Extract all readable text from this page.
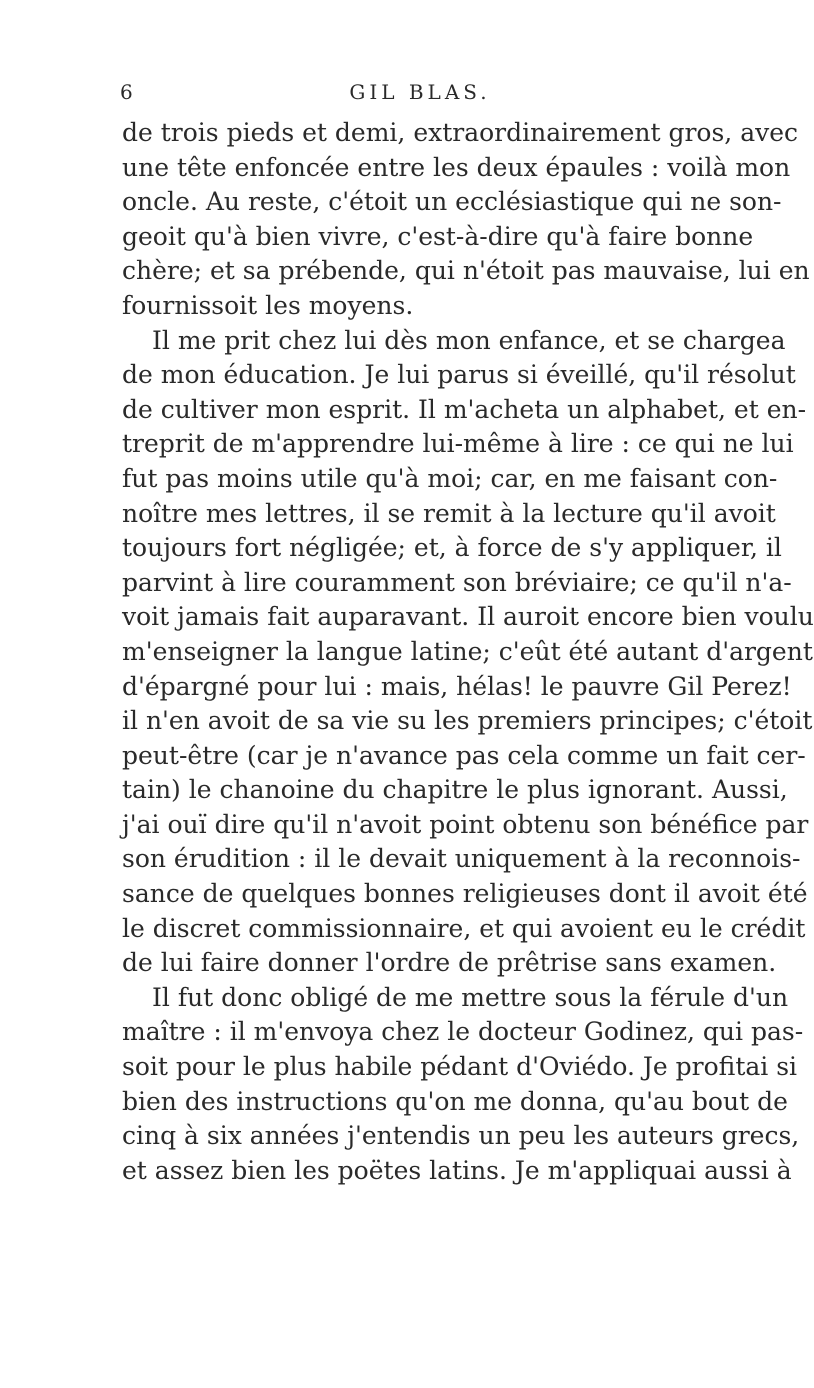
6	GIL BLAS.
de trois pieds et demi, extraordinairement gros, avec
une tête enfoncée entre les deux épaules : voilà mon
oncle. Au reste, c'étoit un ecclésiastique qui ne son-
geoit qu'à bien vivre, c'est-à-dire qu'à faire bonne
chère; et sa prébende, qui n'étoit pas mauvaise, lui en
fournissoit les moyens.
Il me prit chez lui dès mon enfance, et se chargea
de mon éducation. Je lui parus si éveillé, qu'il résolut
de cultiver mon esprit. Il m'acheta un alphabet, et en-
treprit de m'apprendre lui-même à lire : ce qui ne lui
fut pas moins utile qu'à moi; car, en me faisant con-
noître mes lettres, il se remit à la lecture qu'il avoit
toujours fort négligée; et, à force de s'y appliquer, il
parvint à lire couramment son bréviaire; ce qu'il n'a-
voit jamais fait auparavant. Il auroit encore bien voulu
m'enseigner la langue latine; c'eût été autant d'argent
d'épargné pour lui : mais, hélas! le pauvre Gil Perez!
il n'en avoit de sa vie su les premiers principes; c'étoit
peut-être (car je n'avance pas cela comme un fait cer-
tain) le chanoine du chapitre le plus ignorant. Aussi,
j'ai ouï dire qu'il n'avoit point obtenu son bénéfice par
son érudition : il le devait uniquement à la reconnois-
sance de quelques bonnes religieuses dont il avoit été
le discret commissionnaire, et qui avoient eu le crédit
de lui faire donner l'ordre de prêtrise sans examen.
Il fut donc obligé de me mettre sous la férule d'un
maître : il m'envoya chez le docteur Godinez, qui pas-
soit pour le plus habile pédant d'Oviédo. Je profitai si
bien des instructions qu'on me donna, qu'au bout de
cinq à six années j'entendis un peu les auteurs grecs,
et assez bien les poëtes latins. Je m'appliquai aussi à
